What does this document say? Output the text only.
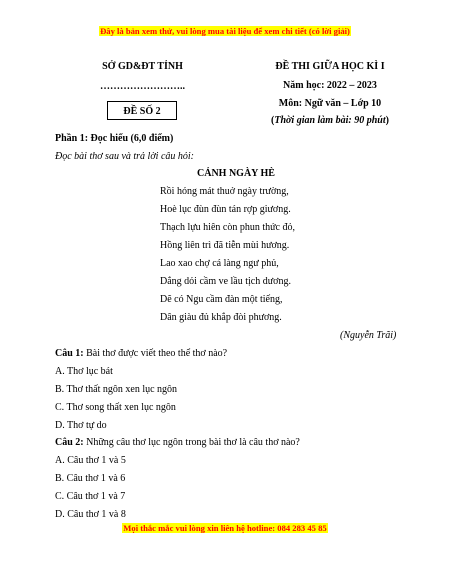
Đây là bản xem thử, vui lòng mua tài liệu để xem chi tiết (có lời giải)
SỞ GD&ĐT TỈNH
……………………..
ĐỀ SỐ 2
ĐỀ THI GIỮA HỌC KÌ I
Năm học: 2022 – 2023
Môn: Ngữ văn – Lớp 10
(Thời gian làm bài: 90 phút)
Phần 1: Đọc hiểu (6,0 điểm)
Đọc bài thơ sau và trả lời câu hỏi:
CẢNH NGÀY HÈ
Rồi hóng mát thuở ngày trường,
Hoè lục đùn đùn tán rợp giương.
Thạch lựu hiên còn phun thức đỏ,
Hồng liên trì đã tiễn mùi hương.
Lao xao chợ cá làng ngư phủ,
Dắng dỏi cầm ve lầu tịch dương.
Dẽ có Ngu cầm đàn một tiếng,
Dân giàu đủ khắp đòi phương.
(Nguyễn Trãi)
Câu 1: Bài thơ được viết theo thể thơ nào?
A. Thơ lục bát
B. Thơ thất ngôn xen lục ngôn
C. Thơ song thất xen lục ngôn
D. Thơ tự do
Câu 2: Những câu thơ lục ngôn trong bài thơ là câu thơ nào?
A. Câu thơ 1 và 5
B. Câu thơ 1 và 6
C. Câu thơ 1 và 7
D. Câu thơ 1 và 8
Mọi thắc mắc vui lòng xin liên hệ hotline: 084 283 45 85
